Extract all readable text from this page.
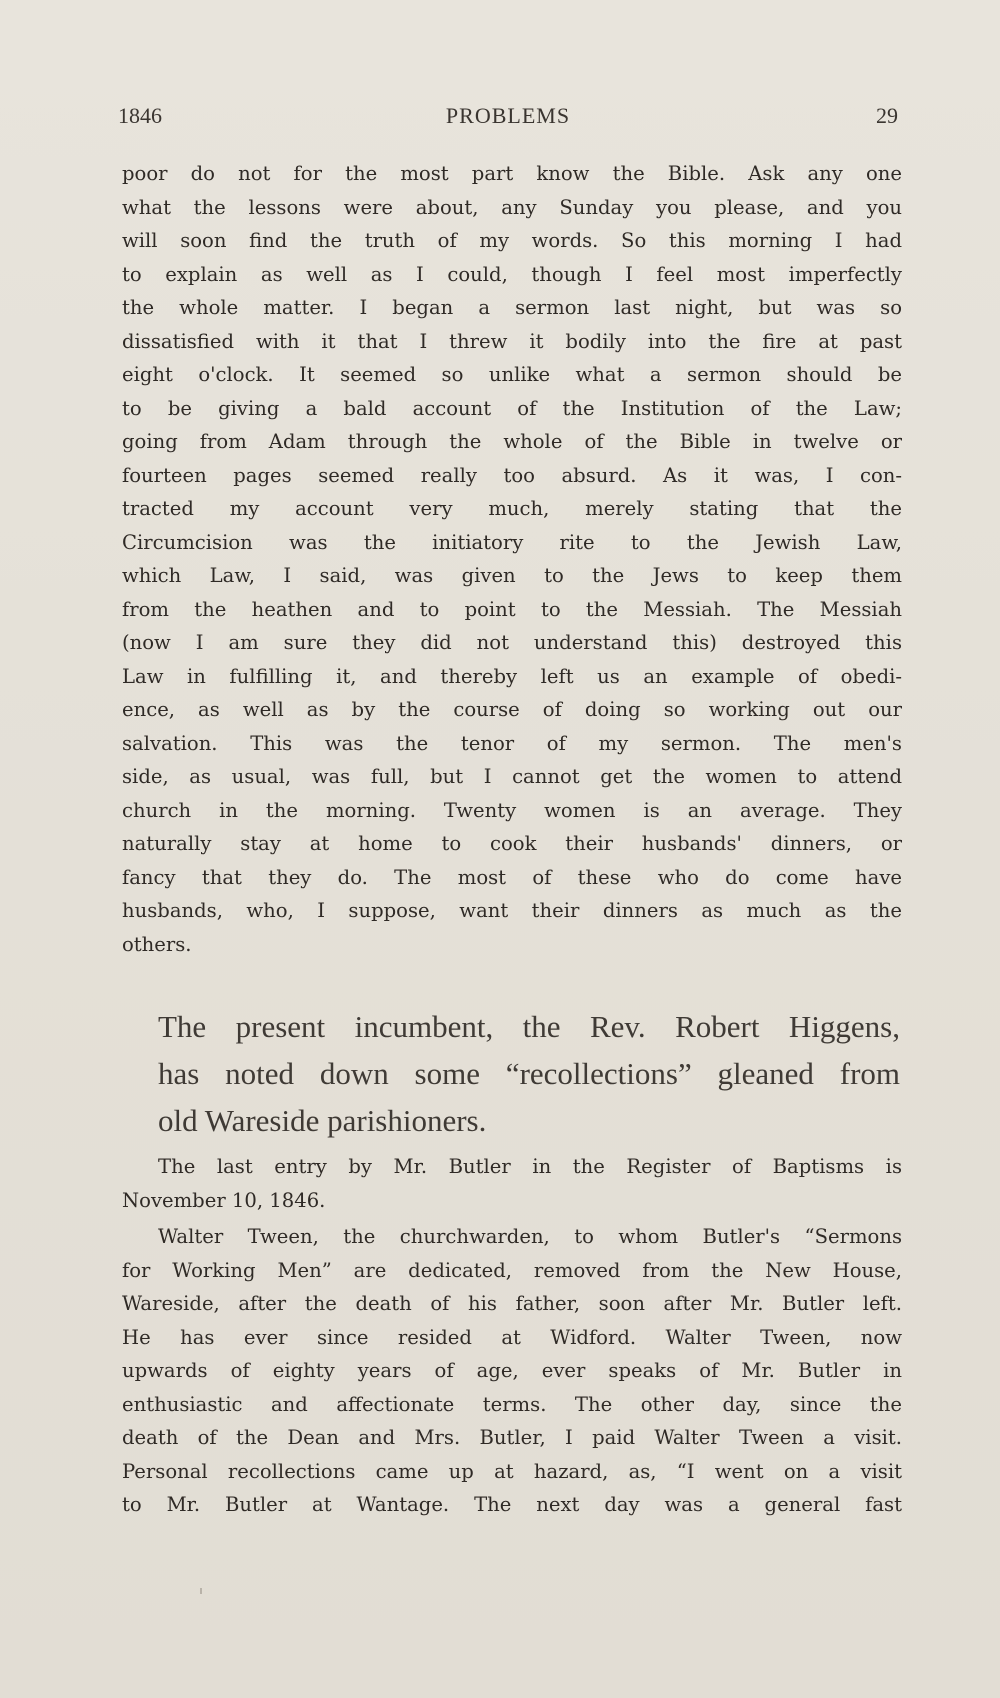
1846	PROBLEMS	29
poor do not for the most part know the Bible. Ask any one
what the lessons were about, any Sunday you please, and you
will soon find the truth of my words. So this morning I had
to explain as well as I could, though I feel most imperfectly
the whole matter. I began a sermon last night, but was so
dissatisfied with it that I threw it bodily into the fire at past
eight o'clock. It seemed so unlike what a sermon should be
to be giving a bald account of the Institution of the Law;
going from Adam through the whole of the Bible in twelve or
fourteen pages seemed really too absurd. As it was, I con-
tracted my account very much, merely stating that the
Circumcision was the initiatory rite to the Jewish Law,
which Law, I said, was given to the Jews to keep them
from the heathen and to point to the Messiah. The Messiah
(now I am sure they did not understand this) destroyed this
Law in fulfilling it, and thereby left us an example of obedi-
ence, as well as by the course of doing so working out our
salvation. This was the tenor of my sermon. The men's
side, as usual, was full, but I cannot get the women to attend
church in the morning. Twenty women is an average. They
naturally stay at home to cook their husbands' dinners, or
fancy that they do. The most of these who do come have
husbands, who, I suppose, want their dinners as much as the
others.
The present incumbent, the Rev. Robert Higgens,
has noted down some “recollections” gleaned from
old Wareside parishioners.
The last entry by Mr. Butler in the Register of Baptisms is
November 10, 1846.
Walter Tween, the churchwarden, to whom Butler's “Sermons
for Working Men” are dedicated, removed from the New House,
Wareside, after the death of his father, soon after Mr. Butler left.
He has ever since resided at Widford. Walter Tween, now
upwards of eighty years of age, ever speaks of Mr. Butler in
enthusiastic and affectionate terms. The other day, since the
death of the Dean and Mrs. Butler, I paid Walter Tween a visit.
Personal recollections came up at hazard, as, “I went on a visit
to Mr. Butler at Wantage. The next day was a general fast
